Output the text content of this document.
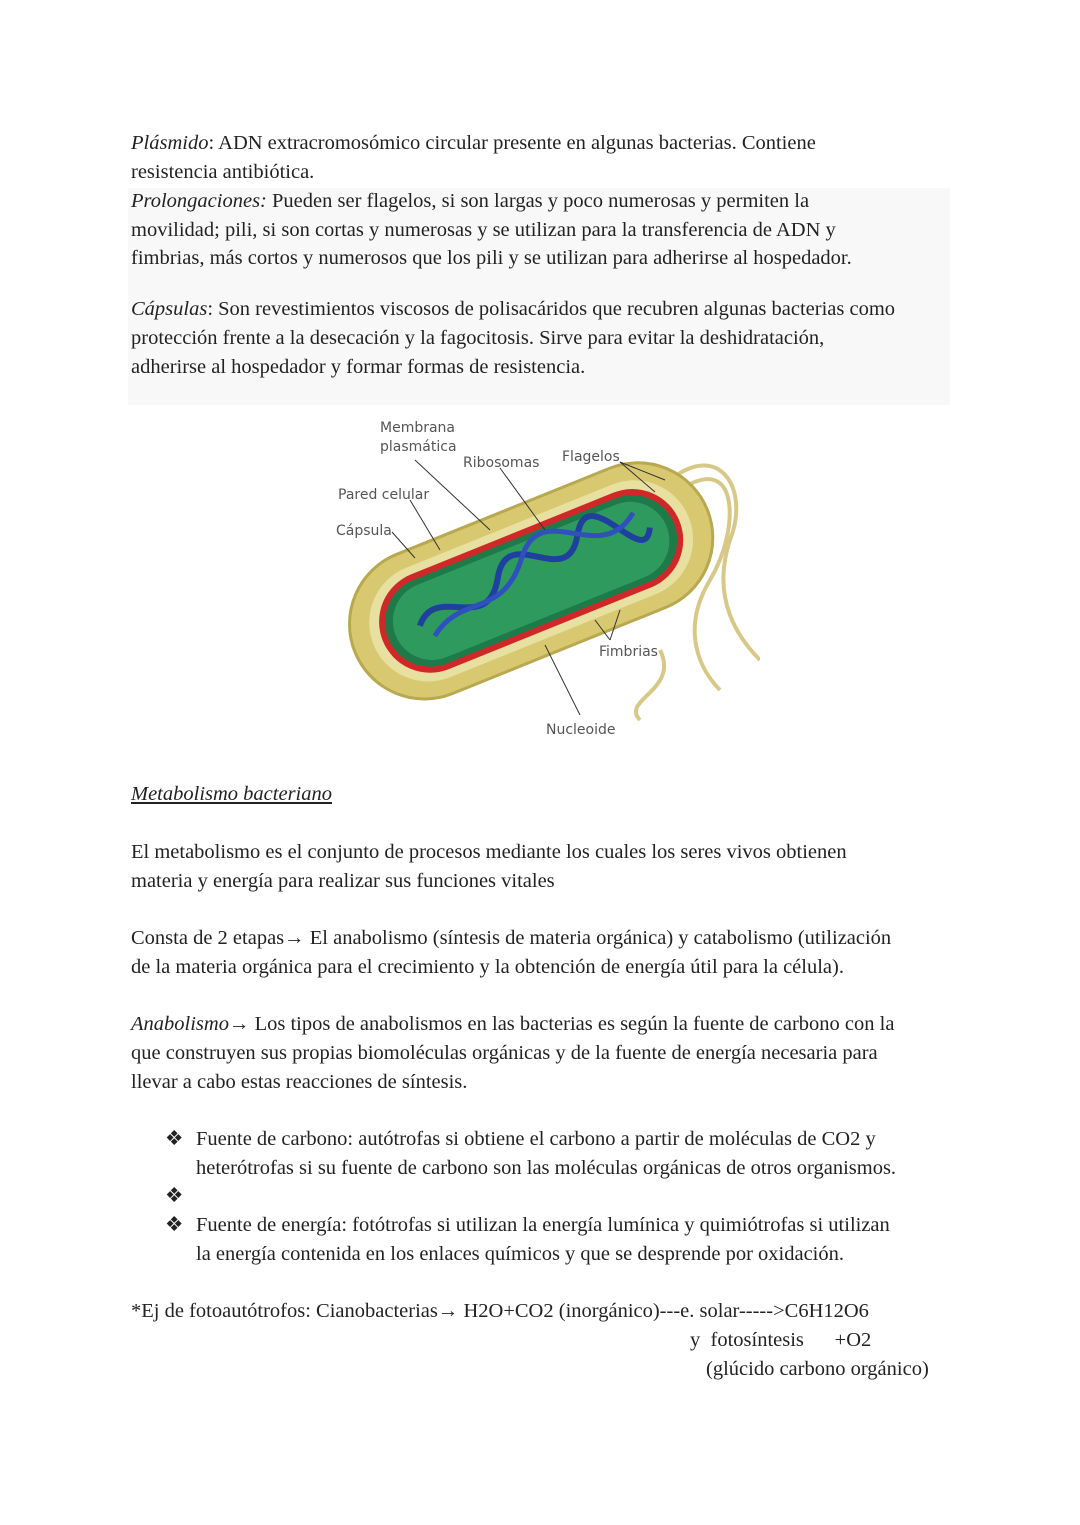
Plásmido: ADN extracromosómico circular presente en algunas bacterias. Contiene
resistencia antibiótica.
Prolongaciones: Pueden ser flagelos, si son largas y poco numerosas y permiten la
movilidad; pili, si son cortas y numerosas y se utilizan para la transferencia de ADN y
fimbrias, más cortos y numerosos que los pili y se utilizan para adherirse al hospedador.
Cápsulas: Son revestimientos viscosos de polisacáridos que recubren algunas bacterias como
protección frente a la desecación y la fagocitosis. Sirve para evitar la deshidratación,
adherirse al hospedador y formar formas de resistencia.
Membrana
plasmática
Ribosomas Flagelos
Pared celular
Cápsula
Fimbrias
Nucleoide
Metabolismo bacteriano
El metabolismo es el conjunto de procesos mediante los cuales los seres vivos obtienen
materia y energía para realizar sus funciones vitales
Consta de 2 etapas→ El anabolismo (síntesis de materia orgánica) y catabolismo (utilización
de la materia orgánica para el crecimiento y la obtención de energía útil para la célula).
Anabolismo→ Los tipos de anabolismos en las bacterias es según la fuente de carbono con la
que construyen sus propias biomoléculas orgánicas y de la fuente de energía necesaria para
llevar a cabo estas reacciones de síntesis.
❖ Fuente de carbono: autótrofas si obtiene el carbono a partir de moléculas de CO2 y
heterótrofas si su fuente de carbono son las moléculas orgánicas de otros organismos.
❖
❖ Fuente de energía: fotótrofas si utilizan la energía lumínica y quimiótrofas si utilizan
la energía contenida en los enlaces químicos y que se desprende por oxidación.
*Ej de fotoautótrofos: Cianobacterias→ H2O+CO2 (inorgánico)---e. solar----->C6H12O6
y  fotosíntesis      +O2
(glúcido carbono orgánico)
